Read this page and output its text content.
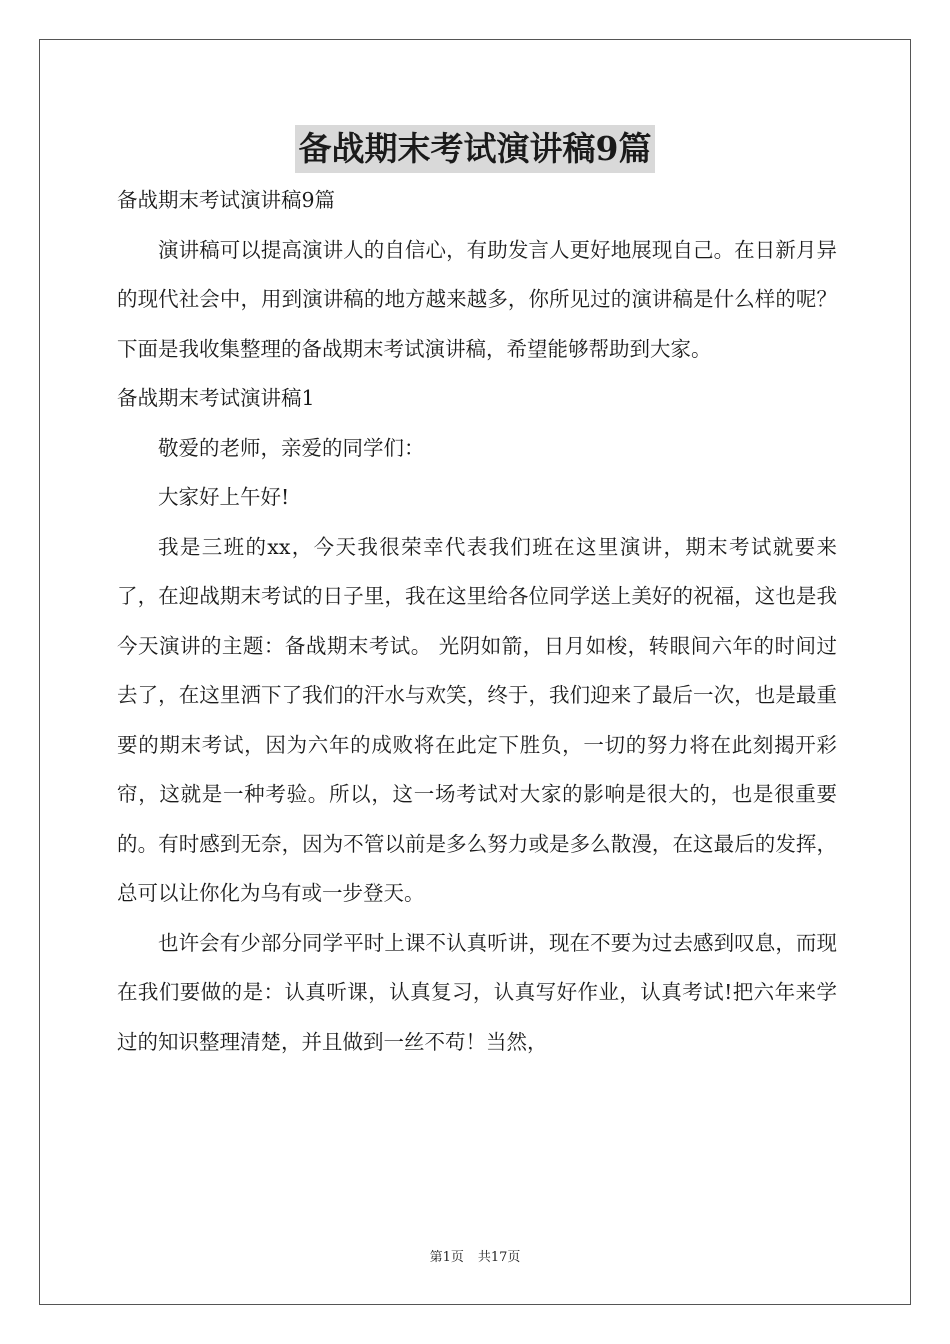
备战期末考试演讲稿9篇

备战期末考试演讲稿9篇

演讲稿可以提高演讲人的自信心，有助发言人更好地展现自己。在日新月异的现代社会中，用到演讲稿的地方越来越多，你所见过的演讲稿是什么样的呢？下面是我收集整理的备战期末考试演讲稿，希望能够帮助到大家。

备战期末考试演讲稿1

敬爱的老师，亲爱的同学们：

大家好上午好!

我是三班的xx，今天我很荣幸代表我们班在这里演讲，期末考试就要来了，在迎战期末考试的日子里，我在这里给各位同学送上美好的祝福，这也是我今天演讲的主题：备战期末考试。 光阴如箭，日月如梭，转眼间六年的时间过去了，在这里洒下了我们的汗水与欢笑，终于，我们迎来了最后一次，也是最重要的期末考试，因为六年的成败将在此定下胜负，一切的努力将在此刻揭开彩帘，这就是一种考验。所以，这一场考试对大家的影响是很大的，也是很重要的。有时感到无奈，因为不管以前是多么努力或是多么散漫，在这最后的发挥，总可以让你化为乌有或一步登天。

也许会有少部分同学平时上课不认真听讲，现在不要为过去感到叹息，而现在我们要做的是：认真听课，认真复习，认真写好作业，认真考试!把六年来学过的知识整理清楚，并且做到一丝不苟！当然，

第1页 共17页
